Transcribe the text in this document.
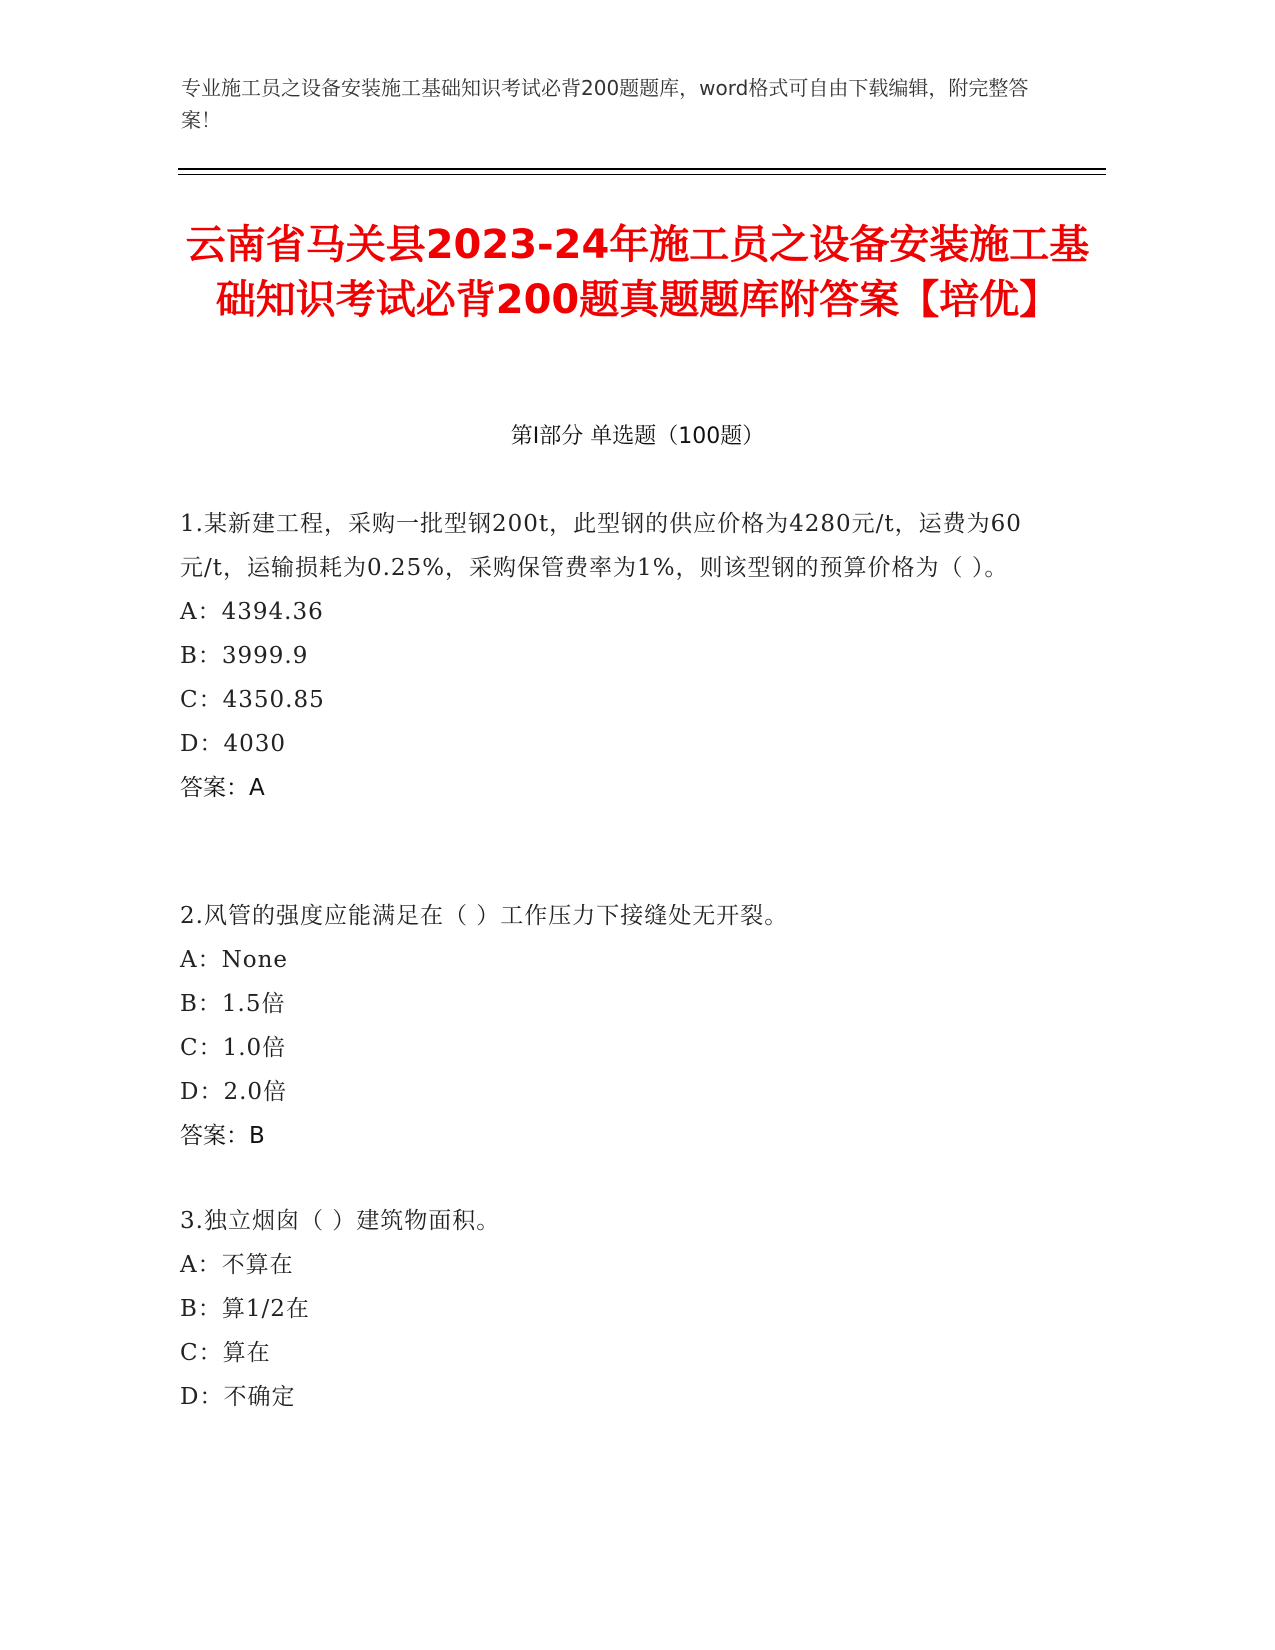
专业施工员之设备安装施工基础知识考试必背200题题库，word格式可自由下载编辑，附完整答案！
云南省马关县2023-24年施工员之设备安装施工基础知识考试必背200题真题题库附答案【培优】
第Ⅰ部分 单选题（100题）
1.某新建工程，采购一批型钢200t，此型钢的供应价格为4280元/t，运费为60元/t，运输损耗为0.25%，采购保管费率为1%，则该型钢的预算价格为（ ）。
A：4394.36
B：3999.9
C：4350.85
D：4030
答案：A
2.风管的强度应能满足在（ ）工作压力下接缝处无开裂。
A：None
B：1.5倍
C：1.0倍
D：2.0倍
答案：B
3.独立烟囱（ ）建筑物面积。
A：不算在
B：算1/2在
C：算在
D：不确定
